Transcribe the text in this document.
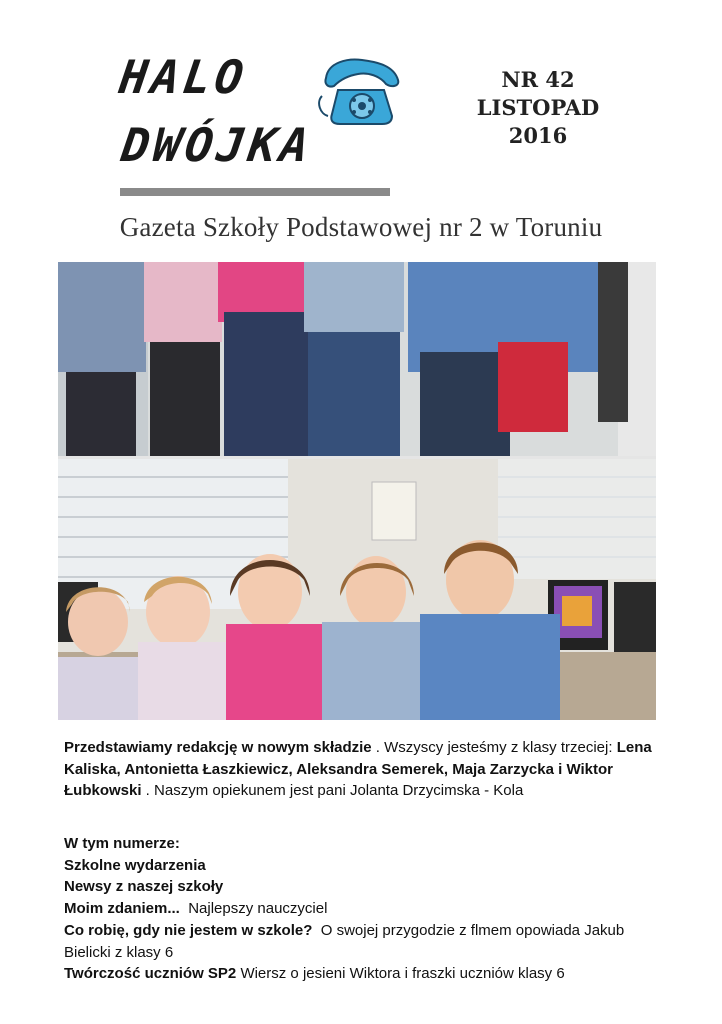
HALO
DWÓJKA
NR 42
LISTOPAD
2016
Gazeta Szkoły Podstawowej nr 2 w Toruniu
Przedstawiamy redakcję w nowym składzie . Wszyscy jesteśmy z klasy trzeciej: Lena Kaliska, Antonietta Łaszkiewicz, Aleksandra Semerek, Maja Zarzycka i Wiktor Łubkowski . Naszym opiekunem jest pani Jolanta Drzycimska - Kola
W tym numerze:
Szkolne wydarzenia
Newsy z naszej szkoły
Moim zdaniem... Najlepszy nauczyciel
Co robię, gdy nie jestem w szkole? O swojej przygodzie z flmem opowiada Jakub Bielicki z klasy 6
Twórczość uczniów SP2 Wiersz o jesieni Wiktora i fraszki uczniów klasy 6
